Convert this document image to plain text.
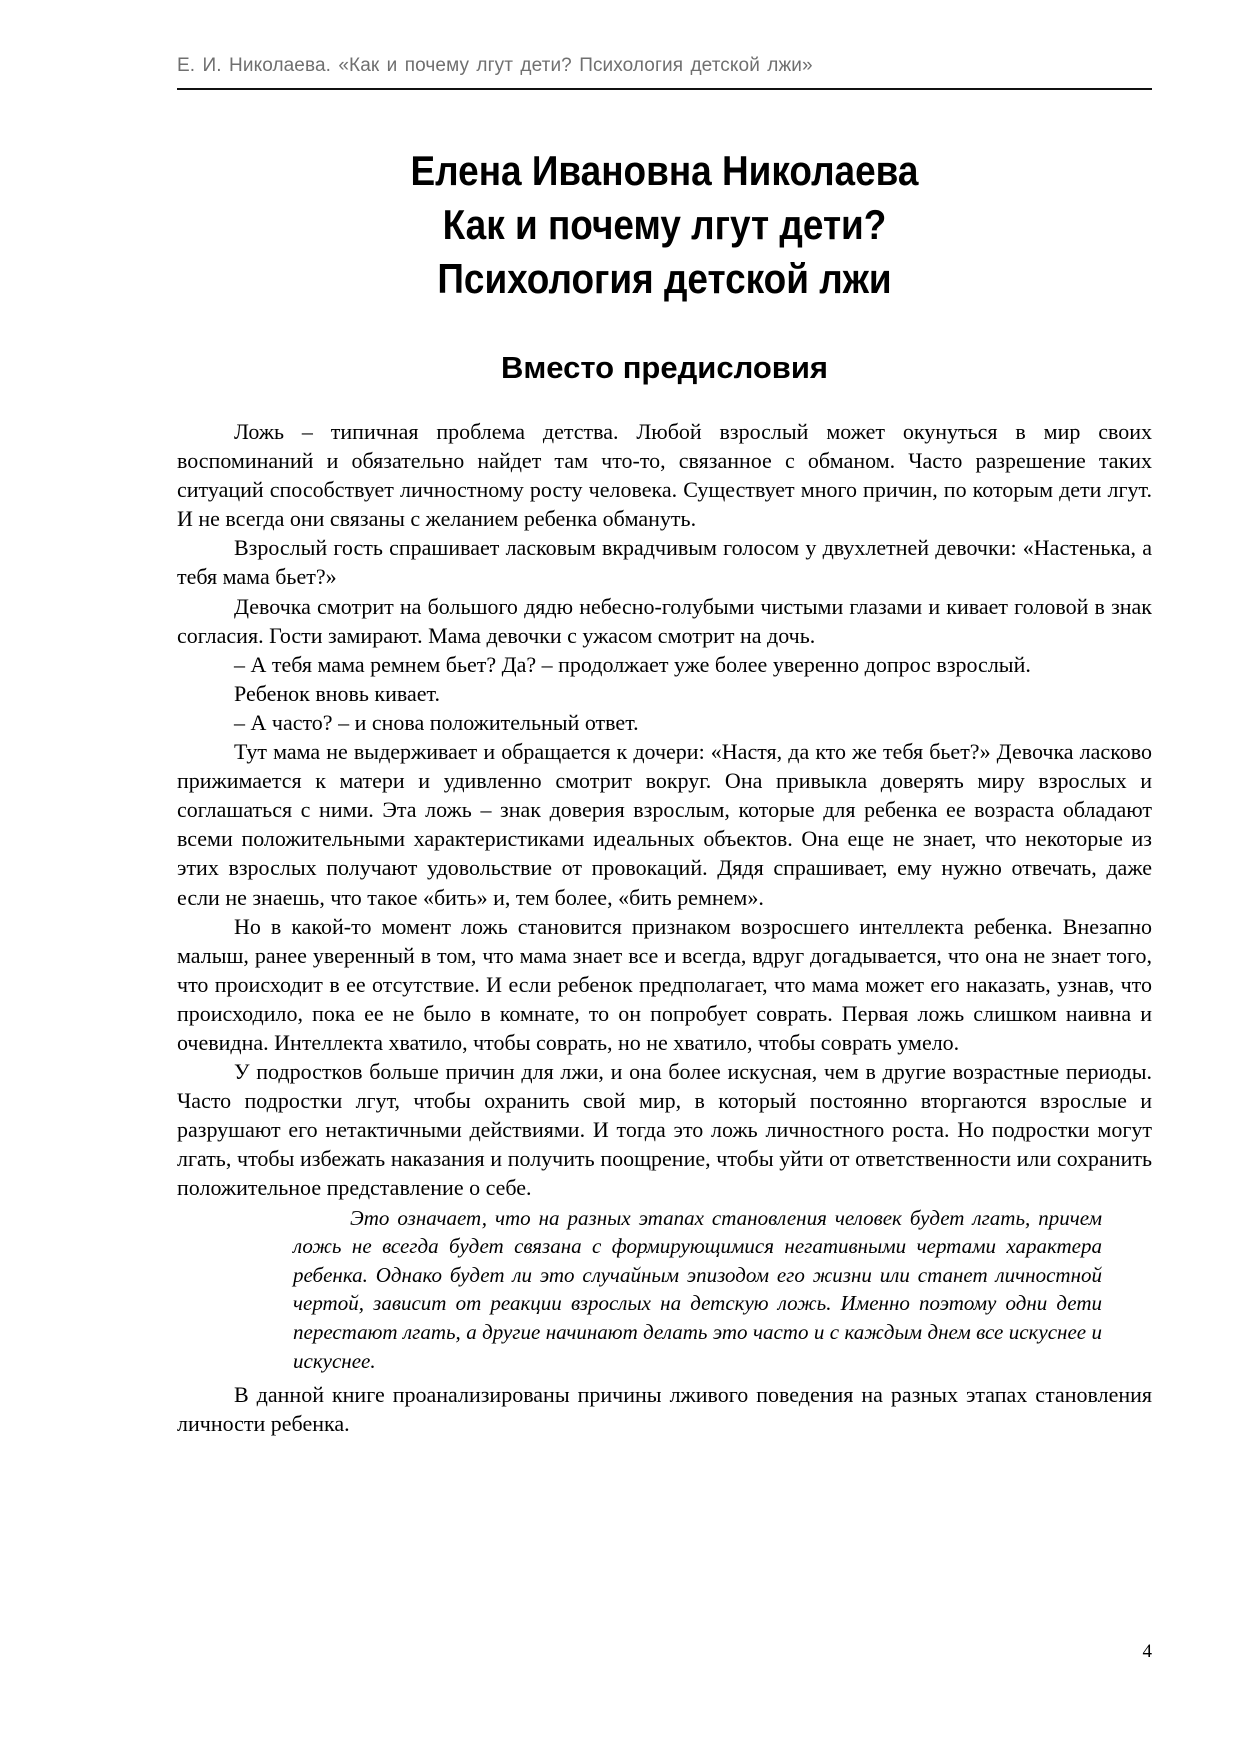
Е. И. Николаева. «Как и почему лгут дети? Психология детской лжи»
Елена Ивановна Николаева
Как и почему лгут дети?
Психология детской лжи
Вместо предисловия

Ложь – типичная проблема детства. Любой взрослый может окунуться в мир своих воспоминаний и обязательно найдет там что-то, связанное с обманом. Часто разрешение таких ситуаций способствует личностному росту человека. Существует много причин, по которым дети лгут. И не всегда они связаны с желанием ребенка обмануть.

Взрослый гость спрашивает ласковым вкрадчивым голосом у двухлетней девочки: «Настенька, а тебя мама бьет?»

Девочка смотрит на большого дядю небесно-голубыми чистыми глазами и кивает головой в знак согласия. Гости замирают. Мама девочки с ужасом смотрит на дочь.

– А тебя мама ремнем бьет? Да? – продолжает уже более уверенно допрос взрослый.

Ребенок вновь кивает.

– А часто? – и снова положительный ответ.

Тут мама не выдерживает и обращается к дочери: «Настя, да кто же тебя бьет?» Девочка ласково прижимается к матери и удивленно смотрит вокруг. Она привыкла доверять миру взрослых и соглашаться с ними. Эта ложь – знак доверия взрослым, которые для ребенка ее возраста обладают всеми положительными характеристиками идеальных объектов. Она еще не знает, что некоторые из этих взрослых получают удовольствие от провокаций. Дядя спрашивает, ему нужно отвечать, даже если не знаешь, что такое «бить» и, тем более, «бить ремнем».

Но в какой-то момент ложь становится признаком возросшего интеллекта ребенка. Внезапно малыш, ранее уверенный в том, что мама знает все и всегда, вдруг догадывается, что она не знает того, что происходит в ее отсутствие. И если ребенок предполагает, что мама может его наказать, узнав, что происходило, пока ее не было в комнате, то он попробует соврать. Первая ложь слишком наивна и очевидна. Интеллекта хватило, чтобы соврать, но не хватило, чтобы соврать умело.

У подростков больше причин для лжи, и она более искусная, чем в другие возрастные периоды. Часто подростки лгут, чтобы охранить свой мир, в который постоянно вторгаются взрослые и разрушают его нетактичными действиями. И тогда это ложь личностного роста. Но подростки могут лгать, чтобы избежать наказания и получить поощрение, чтобы уйти от ответственности или сохранить положительное представление о себе.

Это означает, что на разных этапах становления человек будет лгать, причем ложь не всегда будет связана с формирующимися негативными чертами характера ребенка. Однако будет ли это случайным эпизодом его жизни или станет личностной чертой, зависит от реакции взрослых на детскую ложь. Именно поэтому одни дети перестают лгать, а другие начинают делать это часто и с каждым днем все искуснее и искуснее.

В данной книге проанализированы причины лживого поведения на разных этапах становления личности ребенка.

4
